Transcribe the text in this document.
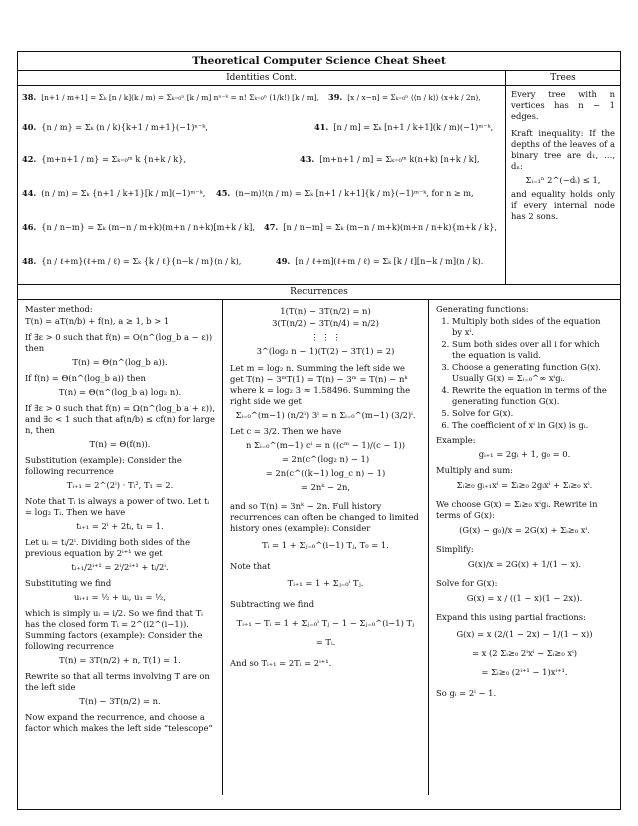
Theoretical Computer Science Cheat Sheet
Identities Cont.
38. [n+1 / m+1] = Σₖ [n / k](k / m) = Σₖ₌₀ⁿ [k / m] nⁿ⁻ᵏ = n! Σₖ₌₀ⁿ (1/k!) [k / m], 39. [x / x−n] = Σₖ₌₀ⁿ ⟨⟨n / k⟩⟩ (x+k / 2n),
40. {n / m} = Σₖ (n / k){k+1 / m+1}(−1)ⁿ⁻ᵏ,	41. [n / m] = Σₖ [n+1 / k+1](k / m)(−1)ᵐ⁻ᵏ,
42. {m+n+1 / m} = Σₖ₌₀ᵐ k {n+k / k},	43. [m+n+1 / m] = Σₖ₌₀ᵐ k(n+k) [n+k / k],
44. (n / m) = Σₖ {n+1 / k+1}[k / m](−1)ᵐ⁻ᵏ, 45. (n−m)!(n / m) = Σₖ [n+1 / k+1]{k / m}(−1)ᵐ⁻ᵏ, for n ≥ m,
46. {n / n−m} = Σₖ (m−n / m+k)(m+n / n+k)[m+k / k], 47. [n / n−m] = Σₖ (m−n / m+k)(m+n / n+k){m+k / k},
48. {n / ℓ+m}(ℓ+m / ℓ) = Σₖ {k / ℓ}{n−k / m}(n / k),	49. [n / ℓ+m](ℓ+m / ℓ) = Σₖ [k / ℓ][n−k / m](n / k).
Trees
Every tree with n vertices has n − 1 edges.
Kraft inequality: If the depths of the leaves of a binary tree are d₁, …, dₙ:
Σᵢ₌₁ⁿ 2^(−dᵢ) ≤ 1,
and equality holds only if every internal node has 2 sons.
Recurrences

Master method:

T(n) = aT(n/b) + f(n), a ≥ 1, b > 1

If ∃ε > 0 such that f(n) = O(n^(log_b a − ε)) then

T(n) = Θ(n^(log_b a)).

If f(n) = Θ(n^(log_b a)) then

T(n) = Θ(n^(log_b a) log₂ n).

If ∃ε > 0 such that f(n) = Ω(n^(log_b a + ε)), and ∃c < 1 such that af(n/b) ≤ cf(n) for large n, then

T(n) = Θ(f(n)).

Substitution (example): Consider the following recurrence

Tᵢ₊₁ = 2^(2ⁱ) · Tᵢ², T₁ = 2.

Note that Tᵢ is always a power of two. Let tᵢ = log₂ Tᵢ. Then we have

tᵢ₊₁ = 2ⁱ + 2tᵢ, t₁ = 1.

Let uᵢ = tᵢ/2ⁱ. Dividing both sides of the previous equation by 2ⁱ⁺¹ we get

tᵢ₊₁/2ⁱ⁺¹ = 2ⁱ/2ⁱ⁺¹ + tᵢ/2ⁱ.

Substituting we find

uᵢ₊₁ = ½ + uᵢ, u₁ = ½,

which is simply uᵢ = i/2. So we find that Tᵢ has the closed form Tᵢ = 2^(i2^(i−1)). Summing factors (example): Consider the following recurrence

T(n) = 3T(n/2) + n, T(1) = 1.

Rewrite so that all terms involving T are on the left side

T(n) − 3T(n/2) = n.

Now expand the recurrence, and choose a factor which makes the left side “telescope”

1(T(n) − 3T(n/2) = n)
3(T(n/2) − 3T(n/4) = n/2)
⋮ ⋮ ⋮
3^(log₂ n − 1)(T(2) − 3T(1) = 2)

Let m = log₂ n. Summing the left side we get T(n) − 3ᵐT(1) = T(n) − 3ᵐ = T(n) − nᵏ where k = log₂ 3 ≈ 1.58496. Summing the right side we get

Σᵢ₌₀^(m−1) (n/2ⁱ) 3ⁱ = n Σᵢ₌₀^(m−1) (3/2)ⁱ.

Let c = 3/2. Then we have

n Σᵢ₌₀^(m−1) cⁱ = n ((cᵐ − 1)/(c − 1))
= 2n(c^(log₂ n) − 1)
= 2n(c^((k−1) log_c n) − 1)
= 2nᵏ − 2n,

and so T(n) = 3nᵏ − 2n. Full history recurrences can often be changed to limited history ones (example): Consider

Tᵢ = 1 + Σⱼ₌₀^(i−1) Tⱼ, T₀ = 1.

Note that

Tᵢ₊₁ = 1 + Σⱼ₌₀ⁱ Tⱼ.

Subtracting we find

Tᵢ₊₁ − Tᵢ = 1 + Σⱼ₌₀ⁱ Tⱼ − 1 − Σⱼ₌₀^(i−1) Tⱼ
= Tᵢ.

And so Tᵢ₊₁ = 2Tᵢ = 2ⁱ⁺¹.

Generating functions:

1. Multiply both sides of the equation by xⁱ.
2. Sum both sides over all i for which the equation is valid.
3. Choose a generating function G(x). Usually G(x) = Σᵢ₌₀^∞ xⁱgᵢ.
4. Rewrite the equation in terms of the generating function G(x).
5. Solve for G(x).
6. The coefficient of xⁱ in G(x) is gᵢ.

Example:

gᵢ₊₁ = 2gᵢ + 1, g₀ = 0.

Multiply and sum:

Σᵢ≥₀ gᵢ₊₁xⁱ = Σᵢ≥₀ 2gᵢxⁱ + Σᵢ≥₀ xⁱ.

We choose G(x) = Σᵢ≥₀ xⁱgᵢ. Rewrite in terms of G(x):

(G(x) − g₀)/x = 2G(x) + Σᵢ≥₀ xⁱ.

Simplify:

G(x)/x = 2G(x) + 1/(1 − x).

Solve for G(x):

G(x) = x / ((1 − x)(1 − 2x)).

Expand this using partial fractions:

G(x) = x (2/(1 − 2x) − 1/(1 − x))
= x (2 Σᵢ≥₀ 2ⁱxⁱ − Σᵢ≥₀ xⁱ)
= Σᵢ≥₀ (2ⁱ⁺¹ − 1)xⁱ⁺¹.

So gᵢ = 2ⁱ − 1.
